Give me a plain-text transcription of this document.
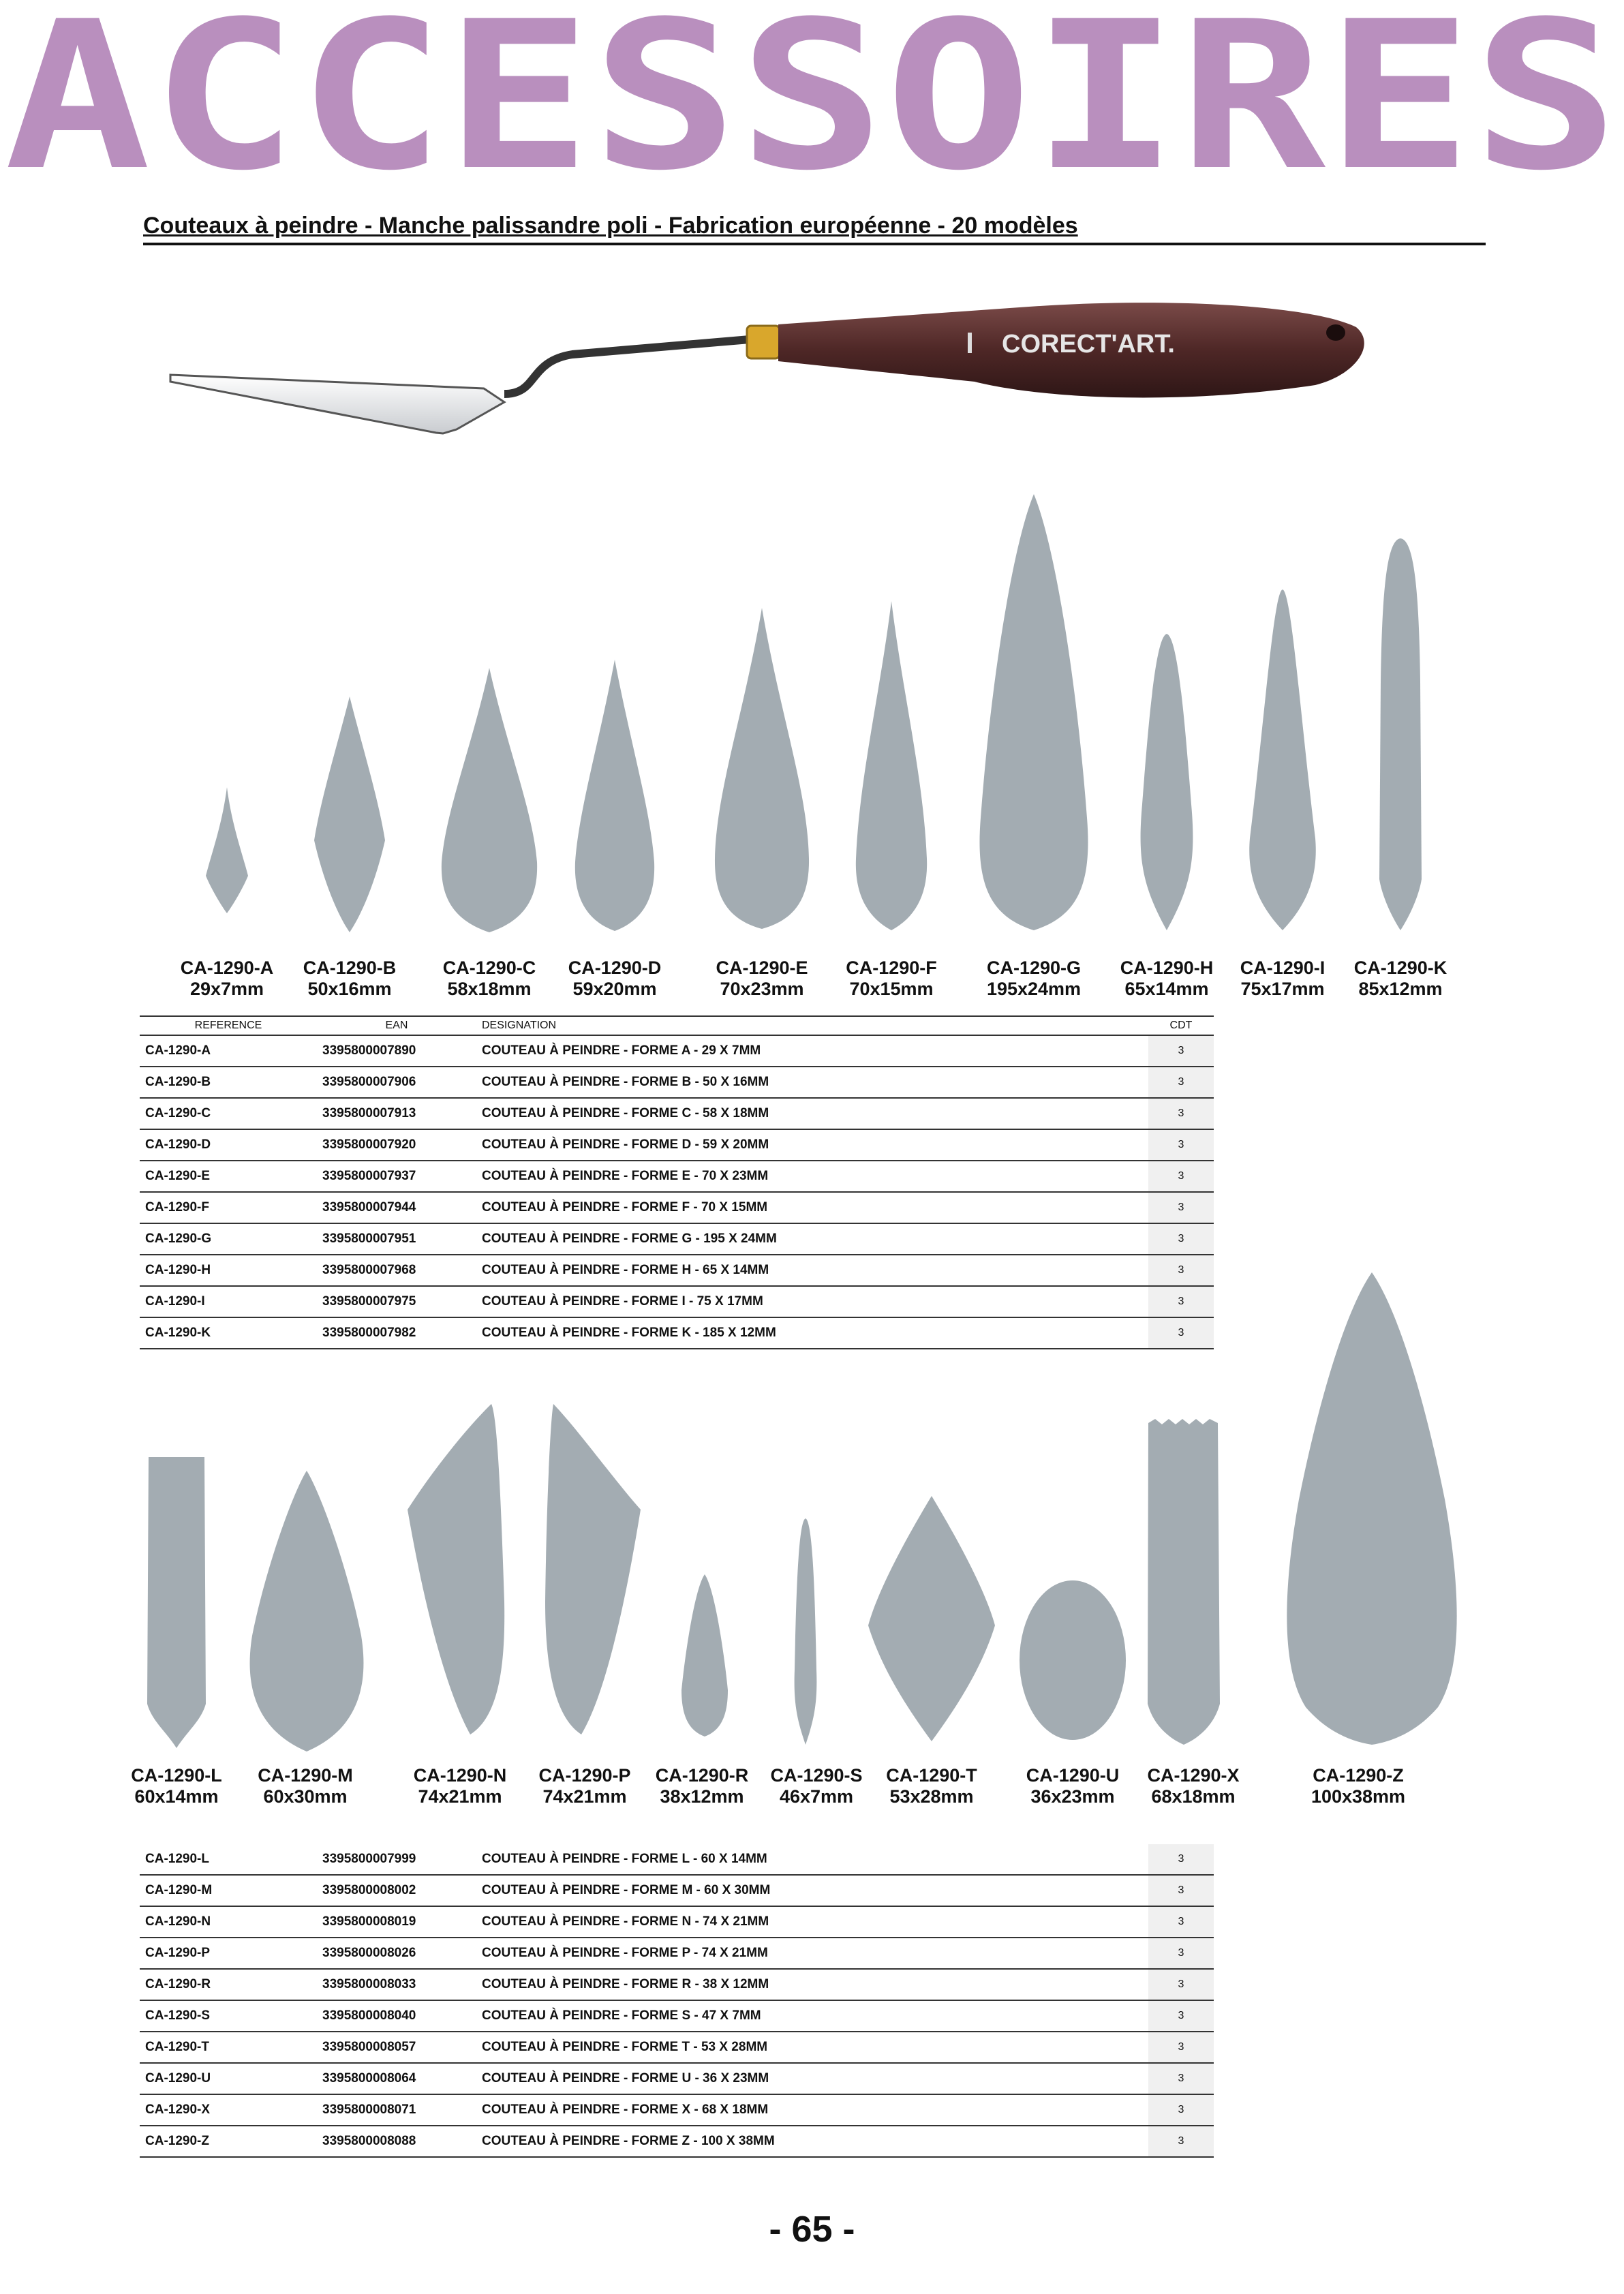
ACCESSOIRES
Couteaux à peindre - Manche palissandre poli - Fabrication européenne - 20 modèles
CORECT'ART.
CA-1290-A
29x7mm
CA-1290-B
50x16mm
CA-1290-C
58x18mm
CA-1290-D
59x20mm
CA-1290-E
70x23mm
CA-1290-F
70x15mm
CA-1290-G
195x24mm
CA-1290-H
65x14mm
CA-1290-I
75x17mm
CA-1290-K
85x12mm
REFERENCE	EAN	DESIGNATION	CDT
CA-1290-A	3395800007890	COUTEAU À PEINDRE - FORME A - 29 X 7MM	3
CA-1290-B	3395800007906	COUTEAU À PEINDRE - FORME B - 50 X 16MM	3
CA-1290-C	3395800007913	COUTEAU À PEINDRE - FORME C - 58 X 18MM	3
CA-1290-D	3395800007920	COUTEAU À PEINDRE - FORME D - 59 X 20MM	3
CA-1290-E	3395800007937	COUTEAU À PEINDRE - FORME E - 70 X 23MM	3
CA-1290-F	3395800007944	COUTEAU À PEINDRE - FORME F - 70 X 15MM	3
CA-1290-G	3395800007951	COUTEAU À PEINDRE - FORME G - 195 X 24MM	3
CA-1290-H	3395800007968	COUTEAU À PEINDRE - FORME H - 65 X 14MM	3
CA-1290-I	3395800007975	COUTEAU À PEINDRE - FORME I - 75 X 17MM	3
CA-1290-K	3395800007982	COUTEAU À PEINDRE - FORME K - 185 X 12MM	3
CA-1290-L
60x14mm
CA-1290-M
60x30mm
CA-1290-N
74x21mm
CA-1290-P
74x21mm
CA-1290-R
38x12mm
CA-1290-S
46x7mm
CA-1290-T
53x28mm
CA-1290-U
36x23mm
CA-1290-X
68x18mm
CA-1290-Z
100x38mm
CA-1290-L	3395800007999	COUTEAU À PEINDRE - FORME L - 60 X 14MM	3
CA-1290-M	3395800008002	COUTEAU À PEINDRE - FORME M - 60 X 30MM	3
CA-1290-N	3395800008019	COUTEAU À PEINDRE - FORME N - 74 X 21MM	3
CA-1290-P	3395800008026	COUTEAU À PEINDRE - FORME P - 74 X 21MM	3
CA-1290-R	3395800008033	COUTEAU À PEINDRE - FORME R - 38 X 12MM	3
CA-1290-S	3395800008040	COUTEAU À PEINDRE - FORME S - 47 X 7MM	3
CA-1290-T	3395800008057	COUTEAU À PEINDRE - FORME T - 53 X 28MM	3
CA-1290-U	3395800008064	COUTEAU À PEINDRE - FORME U - 36 X 23MM	3
CA-1290-X	3395800008071	COUTEAU À PEINDRE - FORME X - 68 X 18MM	3
CA-1290-Z	3395800008088	COUTEAU À PEINDRE - FORME Z - 100 X 38MM	3
- 65 -
